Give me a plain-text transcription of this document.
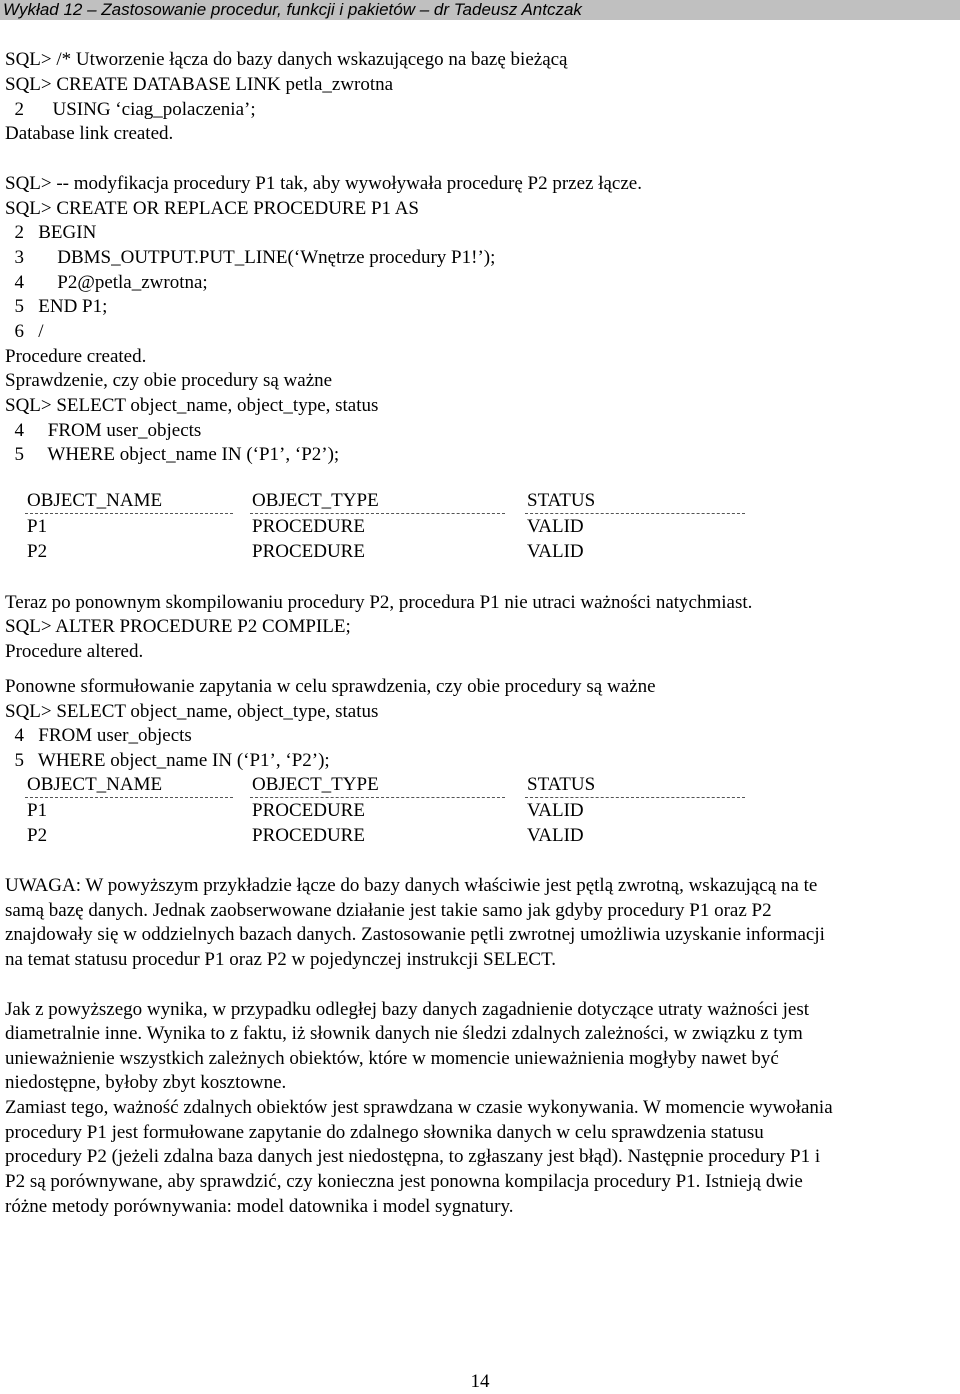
Wykład 12 – Zastosowanie procedur, funkcji i pakietów – dr Tadeusz Antczak
SQL> /* Utworzenie łącza do bazy danych wskazującego na bazę bieżącą
SQL> CREATE DATABASE LINK petla_zwrotna
2      USING ‘ciag_polaczenia’;
Database link created.
SQL> -- modyfikacja procedury P1 tak, aby wywoływała procedurę P2 przez łącze.
SQL> CREATE OR REPLACE PROCEDURE P1 AS
2   BEGIN
3       DBMS_OUTPUT.PUT_LINE(‘Wnętrze procedury P1!’);
4       P2@petla_zwrotna;
5   END P1;
6   /
Procedure created.
Sprawdzenie, czy obie procedury są ważne
SQL> SELECT object_name, object_type, status
4     FROM user_objects
5     WHERE object_name IN (‘P1’, ‘P2’);
OBJECT_NAME	OBJECT_TYPE	STATUS
P1	PROCEDURE	VALID
P2	PROCEDURE	VALID
Teraz po ponownym skompilowaniu procedury P2, procedura P1 nie utraci ważności natychmiast.
SQL> ALTER PROCEDURE P2 COMPILE;
Procedure altered.
Ponowne sformułowanie zapytania w celu sprawdzenia, czy obie procedury są ważne
SQL> SELECT object_name, object_type, status
4   FROM user_objects
5   WHERE object_name IN (‘P1’, ‘P2’);
OBJECT_NAME	OBJECT_TYPE	STATUS
P1	PROCEDURE	VALID
P2	PROCEDURE	VALID
UWAGA: W powyższym przykładzie łącze do bazy danych właściwie jest pętlą zwrotną, wskazującą na te
samą bazę danych. Jednak zaobserwowane działanie jest takie samo jak gdyby procedury P1 oraz P2
znajdowały się w oddzielnych bazach danych. Zastosowanie pętli zwrotnej umożliwia uzyskanie informacji
na temat statusu procedur P1 oraz P2 w pojedynczej instrukcji SELECT.
Jak z powyższego wynika, w przypadku odległej bazy danych zagadnienie dotyczące utraty ważności jest
diametralnie inne. Wynika to z faktu, iż słownik danych nie śledzi zdalnych zależności, w związku z tym
unieważnienie wszystkich zależnych obiektów, które w momencie unieważnienia mogłyby nawet być
niedostępne, byłoby zbyt kosztowne.
Zamiast tego, ważność zdalnych obiektów jest sprawdzana w czasie wykonywania. W momencie wywołania
procedury P1 jest formułowane zapytanie do zdalnego słownika danych w celu sprawdzenia statusu
procedury P2 (jeżeli zdalna baza danych jest niedostępna, to zgłaszany jest błąd). Następnie procedury P1 i
P2 są porównywane, aby sprawdzić, czy konieczna jest ponowna kompilacja procedury P1. Istnieją dwie
różne metody porównywania: model datownika i model sygnatury.
14
